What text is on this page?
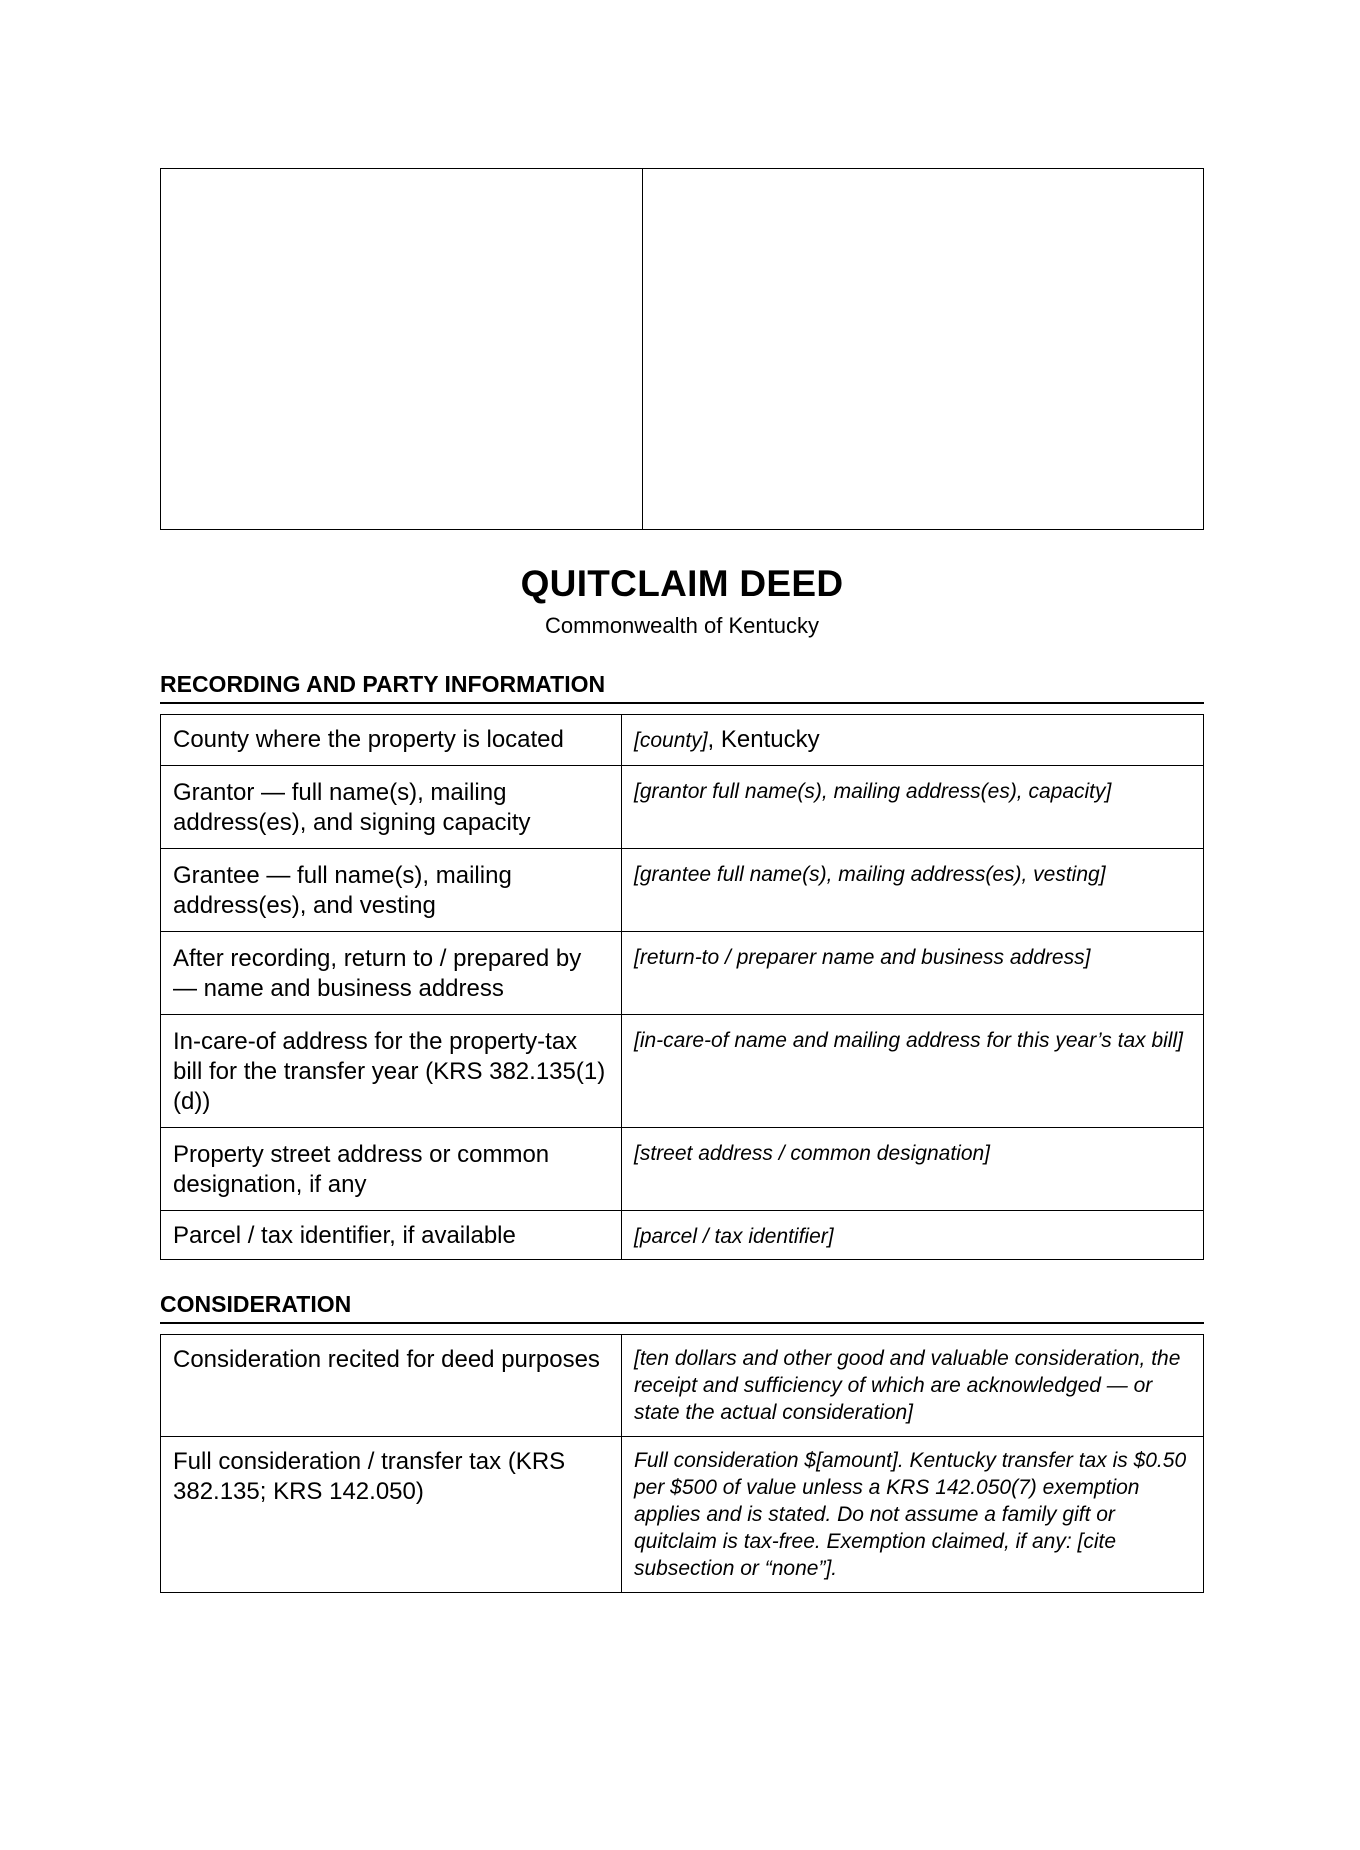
QUITCLAIM DEED
Commonwealth of Kentucky
RECORDING AND PARTY INFORMATION
County where the property is located	[county], Kentucky
Grantor — full name(s), mailing address(es), and signing capacity	[grantor full name(s), mailing address(es), capacity]
Grantee — full name(s), mailing address(es), and vesting	[grantee full name(s), mailing address(es), vesting]
After recording, return to / prepared by — name and business address	[return-to / preparer name and business address]
In-care-of address for the property-tax bill for the transfer year (KRS 382.135(1)(d))	[in-care-of name and mailing address for this year’s tax bill]
Property street address or common designation, if any	[street address / common designation]
Parcel / tax identifier, if available	[parcel / tax identifier]
CONSIDERATION
Consideration recited for deed purposes	[ten dollars and other good and valuable consideration, the receipt and sufficiency of which are acknowledged — or state the actual consideration]
Full consideration / transfer tax (KRS 382.135; KRS 142.050)	Full consideration $[amount]. Kentucky transfer tax is $0.50 per $500 of value unless a KRS 142.050(7) exemption applies and is stated. Do not assume a family gift or quitclaim is tax-free. Exemption claimed, if any: [cite subsection or “none”].
